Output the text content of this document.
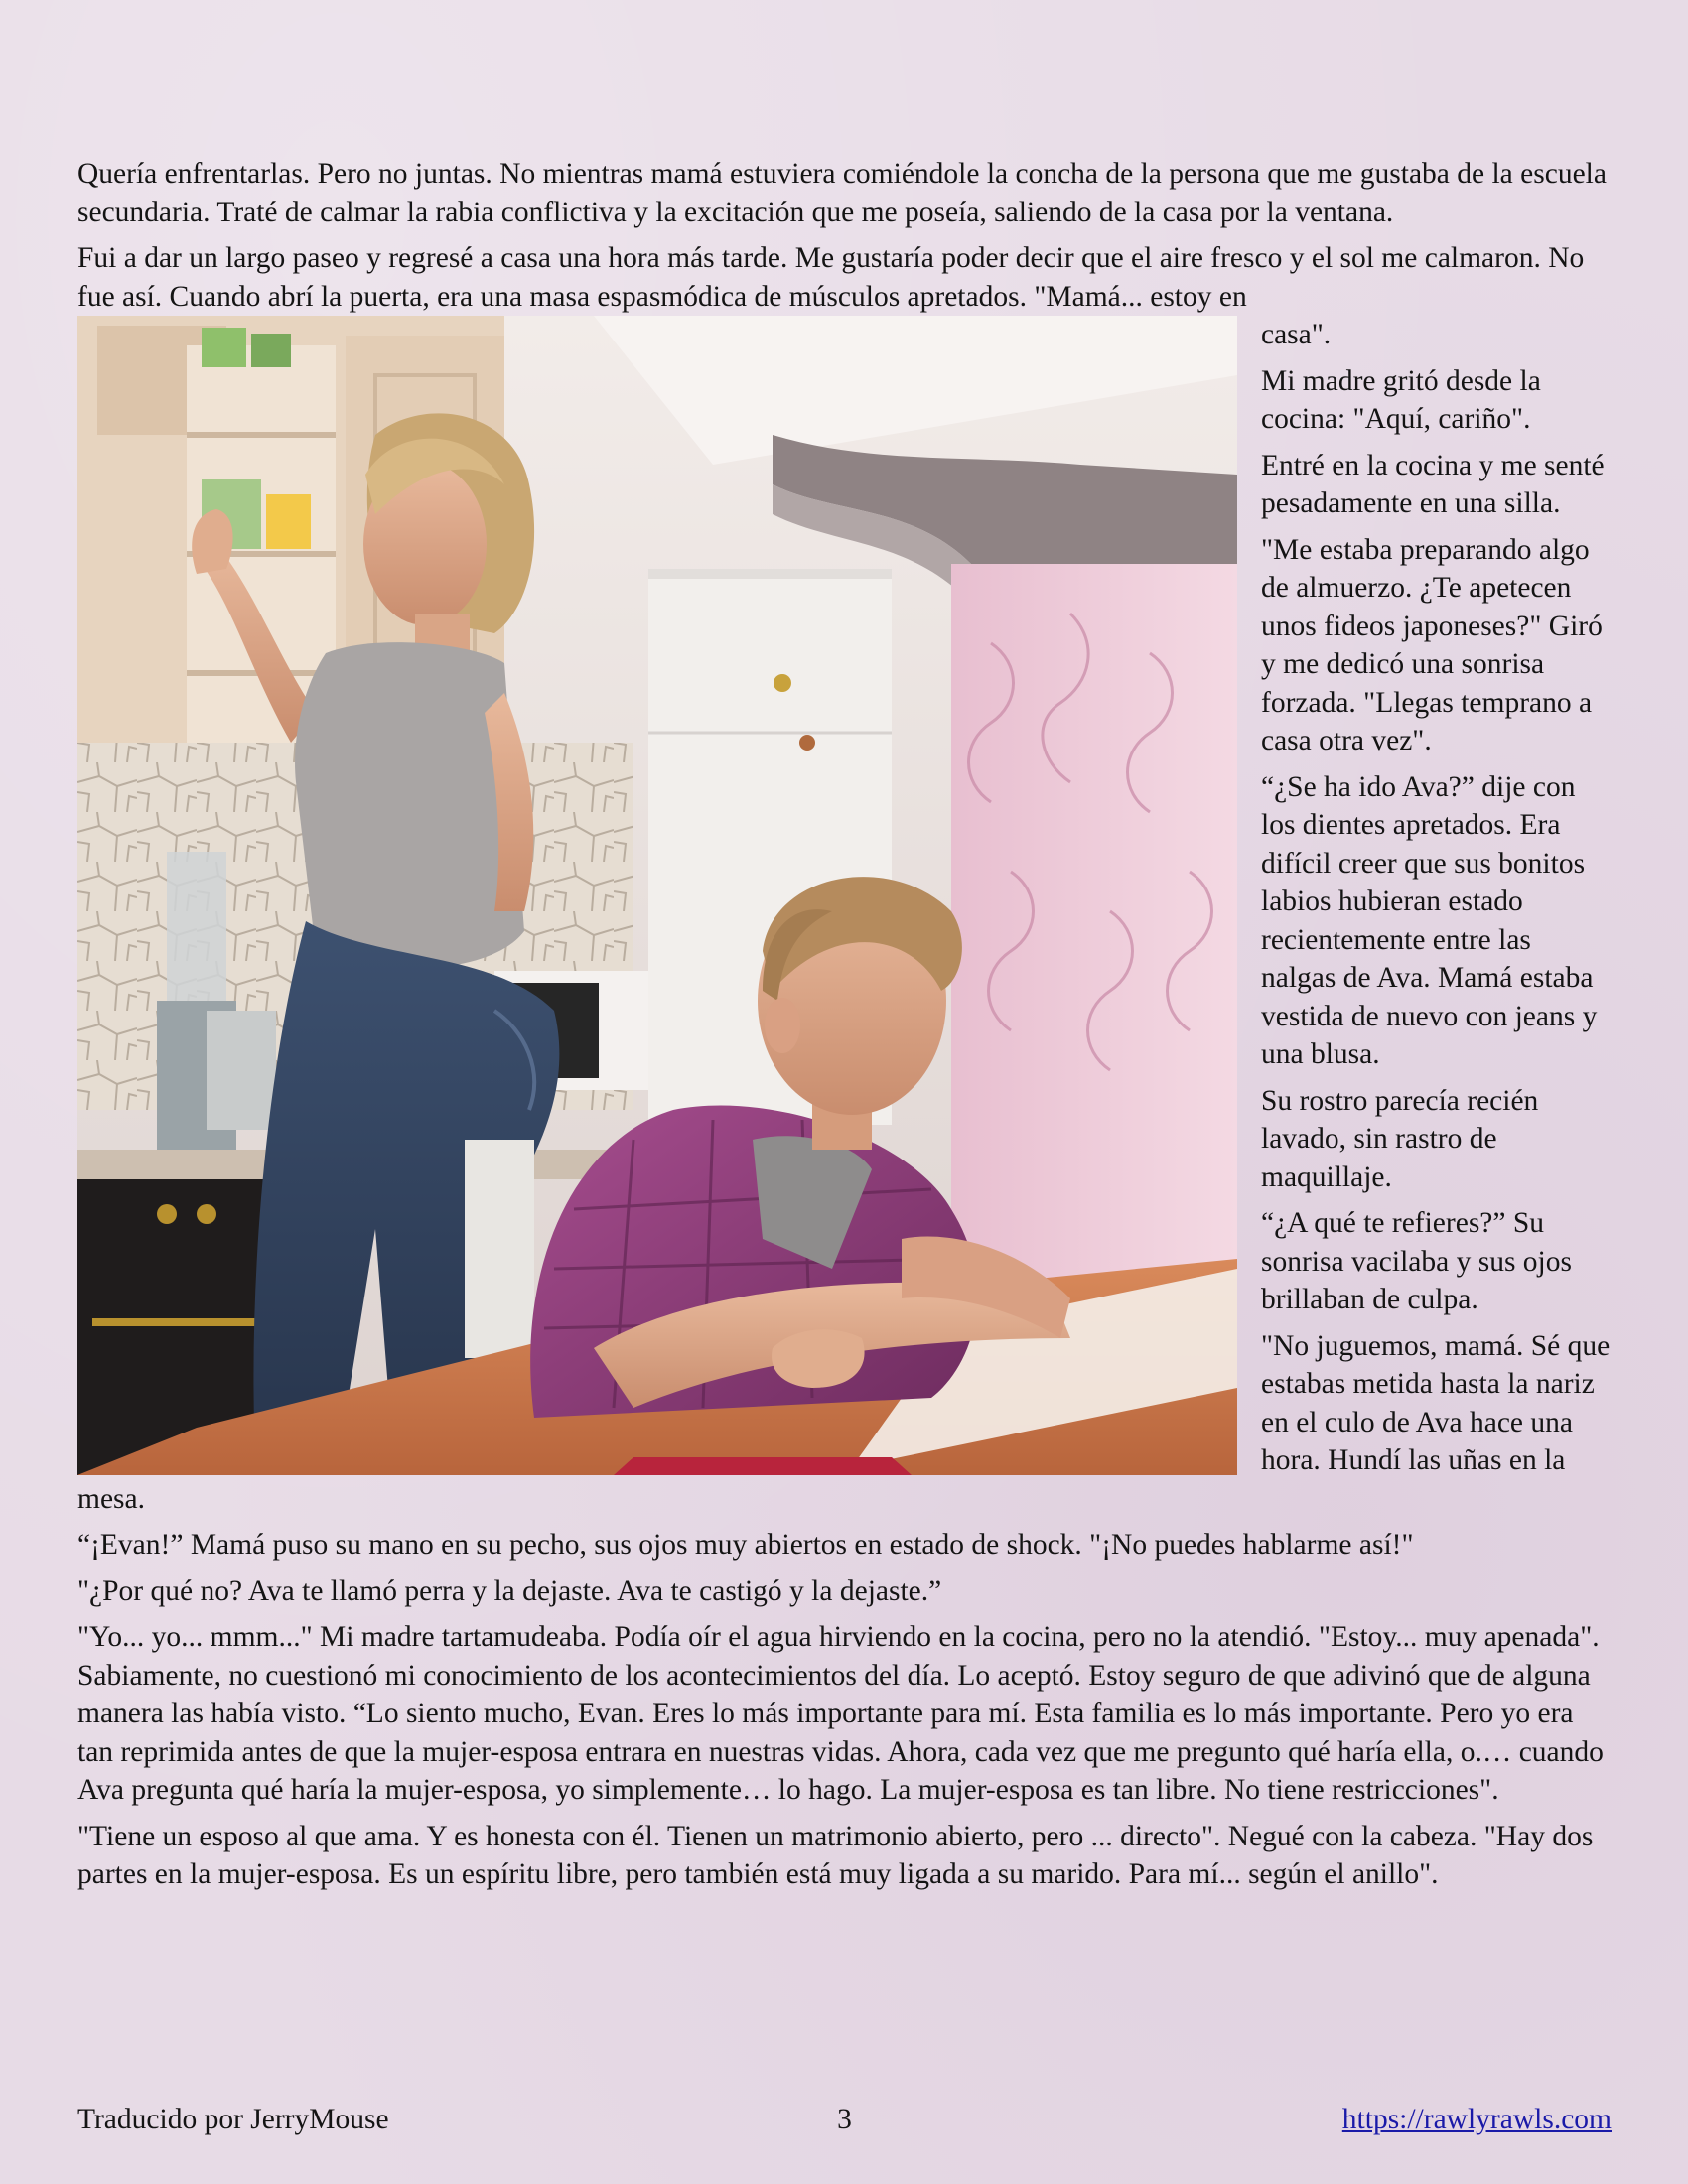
Quería enfrentarlas. Pero no juntas. No mientras mamá estuviera comiéndole la concha de la persona que me gustaba de la escuela secundaria. Traté de calmar la rabia conflictiva y la excitación que me poseía, saliendo de la casa por la ventana.

Fui a dar un largo paseo y regresé a casa una hora más tarde. Me gustaría poder decir que el aire fresco y el sol me calmaron. No fue así. Cuando abrí la puerta, era una masa espasmódica de músculos apretados. "Mamá... estoy en

casa".

Mi madre gritó desde la cocina: "Aquí, cariño".

Entré en la cocina y me senté pesadamente en una silla.

"Me estaba preparando algo de almuerzo. ¿Te apetecen unos fideos japoneses?" Giró y me dedicó una sonrisa forzada. "Llegas temprano a casa otra vez".

“¿Se ha ido Ava?” dije con los dientes apretados. Era difícil creer que sus bonitos labios hubieran estado recientemente entre las nalgas de Ava. Mamá estaba vestida de nuevo con jeans y una blusa.

Su rostro parecía recién lavado, sin rastro de maquillaje.

“¿A qué te refieres?” Su sonrisa vacilaba y sus ojos brillaban de culpa.

"No juguemos, mamá. Sé que estabas metida hasta la nariz en el culo de Ava hace una hora. Hundí las uñas en la mesa.

“¡Evan!” Mamá puso su mano en su pecho, sus ojos muy abiertos en estado de shock. "¡No puedes hablarme así!"

"¿Por qué no? Ava te llamó perra y la dejaste. Ava te castigó y la dejaste.”

"Yo... yo... mmm..." Mi madre tartamudeaba. Podía oír el agua hirviendo en la cocina, pero no la atendió. "Estoy... muy apenada". Sabiamente, no cuestionó mi conocimiento de los acontecimientos del día. Lo aceptó. Estoy seguro de que adivinó que de alguna manera las había visto. “Lo siento mucho, Evan. Eres lo más importante para mí. Esta familia es lo más importante. Pero yo era tan reprimida antes de que la mujer-esposa entrara en nuestras vidas. Ahora, cada vez que me pregunto qué haría ella, o.… cuando Ava pregunta qué haría la mujer-esposa, yo simplemente… lo hago. La mujer-esposa es tan libre. No tiene restricciones".

"Tiene un esposo al que ama. Y es honesta con él. Tienen un matrimonio abierto, pero ... directo". Negué con la cabeza. "Hay dos partes en la mujer-esposa. Es un espíritu libre, pero también está muy ligada a su marido. Para mí... según el anillo".

Traducido por JerryMouse	3	https://rawlyrawls.com
